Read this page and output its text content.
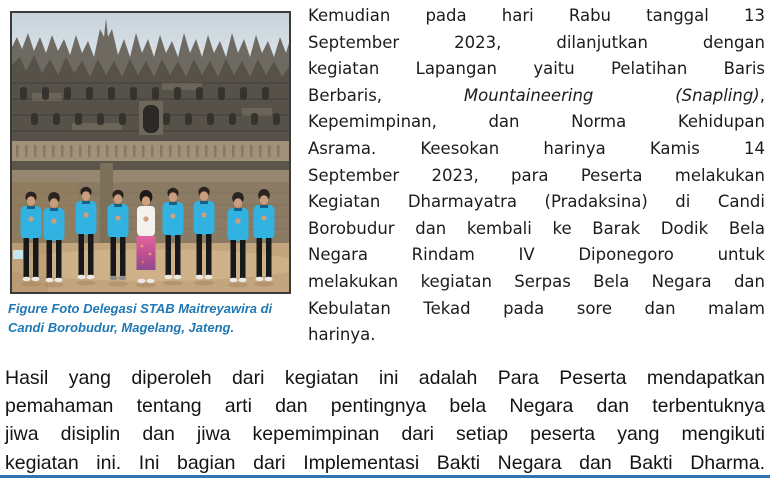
Figure Foto Delegasi STAB Maitreyawira di
Candi Borobudur, Magelang, Jateng.
Kemudian pada hari Rabu tanggal 13
September 2023, dilanjutkan dengan
kegiatan Lapangan yaitu Pelatihan Baris
Berbaris, Mountaineering	(Snapling),
Kepemimpinan, dan Norma Kehidupan
Asrama. Keesokan harinya Kamis 14
September 2023, para Peserta melakukan
Kegiatan Dharmayatra (Pradaksina) di Candi
Borobudur dan kembali ke Barak Dodik Bela
Negara Rindam IV Diponegoro untuk
melakukan kegiatan Serpas Bela Negara dan
Kebulatan Tekad pada sore dan malam
harinya.
Hasil yang diperoleh dari kegiatan ini adalah Para Peserta mendapatkan
pemahaman tentang arti dan pentingnya bela Negara dan terbentuknya
jiwa disiplin dan jiwa kepemimpinan dari setiap peserta yang mengikuti
kegiatan ini. Ini bagian dari Implementasi Bakti Negara dan Bakti Dharma.
